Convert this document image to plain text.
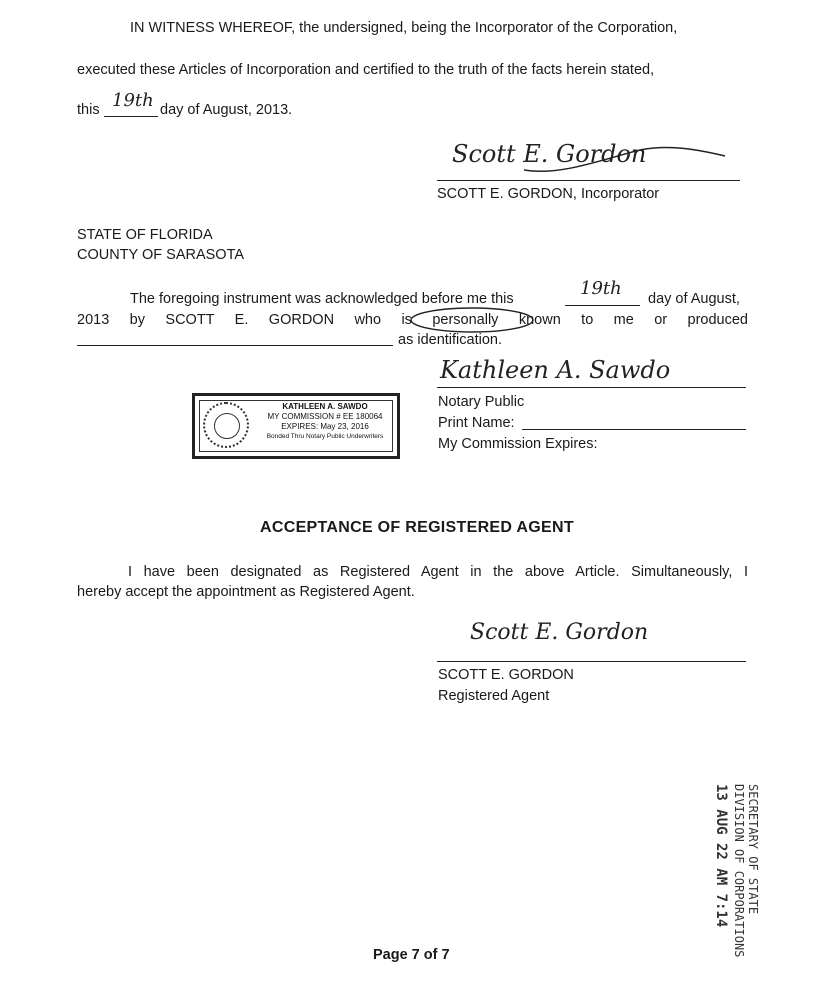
IN WITNESS WHEREOF, the undersigned, being the Incorporator of the Corporation,
executed these Articles of Incorporation and certified to the truth of the facts herein stated,
this 19th day of August, 2013.
Scott E. Gordon
SCOTT E. GORDON, Incorporator
STATE OF FLORIDA
COUNTY OF SARASOTA
The foregoing instrument was acknowledged before me this	19th day of August,
2013 by SCOTT E. GORDON who is personally known to me or produced
as identification.
Kathleen A. Sawdo
Notary Public
Print Name:
My Commission Expires:
KATHLEEN A. SAWDO
MY COMMISSION # EE 180064
EXPIRES: May 23, 2016
Bonded Thru Notary Public Underwriters
ACCEPTANCE OF REGISTERED AGENT
I have been designated as Registered Agent in the above Article. Simultaneously, I
hereby accept the appointment as Registered Agent.
Scott E. Gordon
SCOTT E. GORDON
Registered Agent
SECRETARY OF STATE
DIVISION OF CORPORATIONS
13 AUG 22 AM 7:14
Page 7 of 7
